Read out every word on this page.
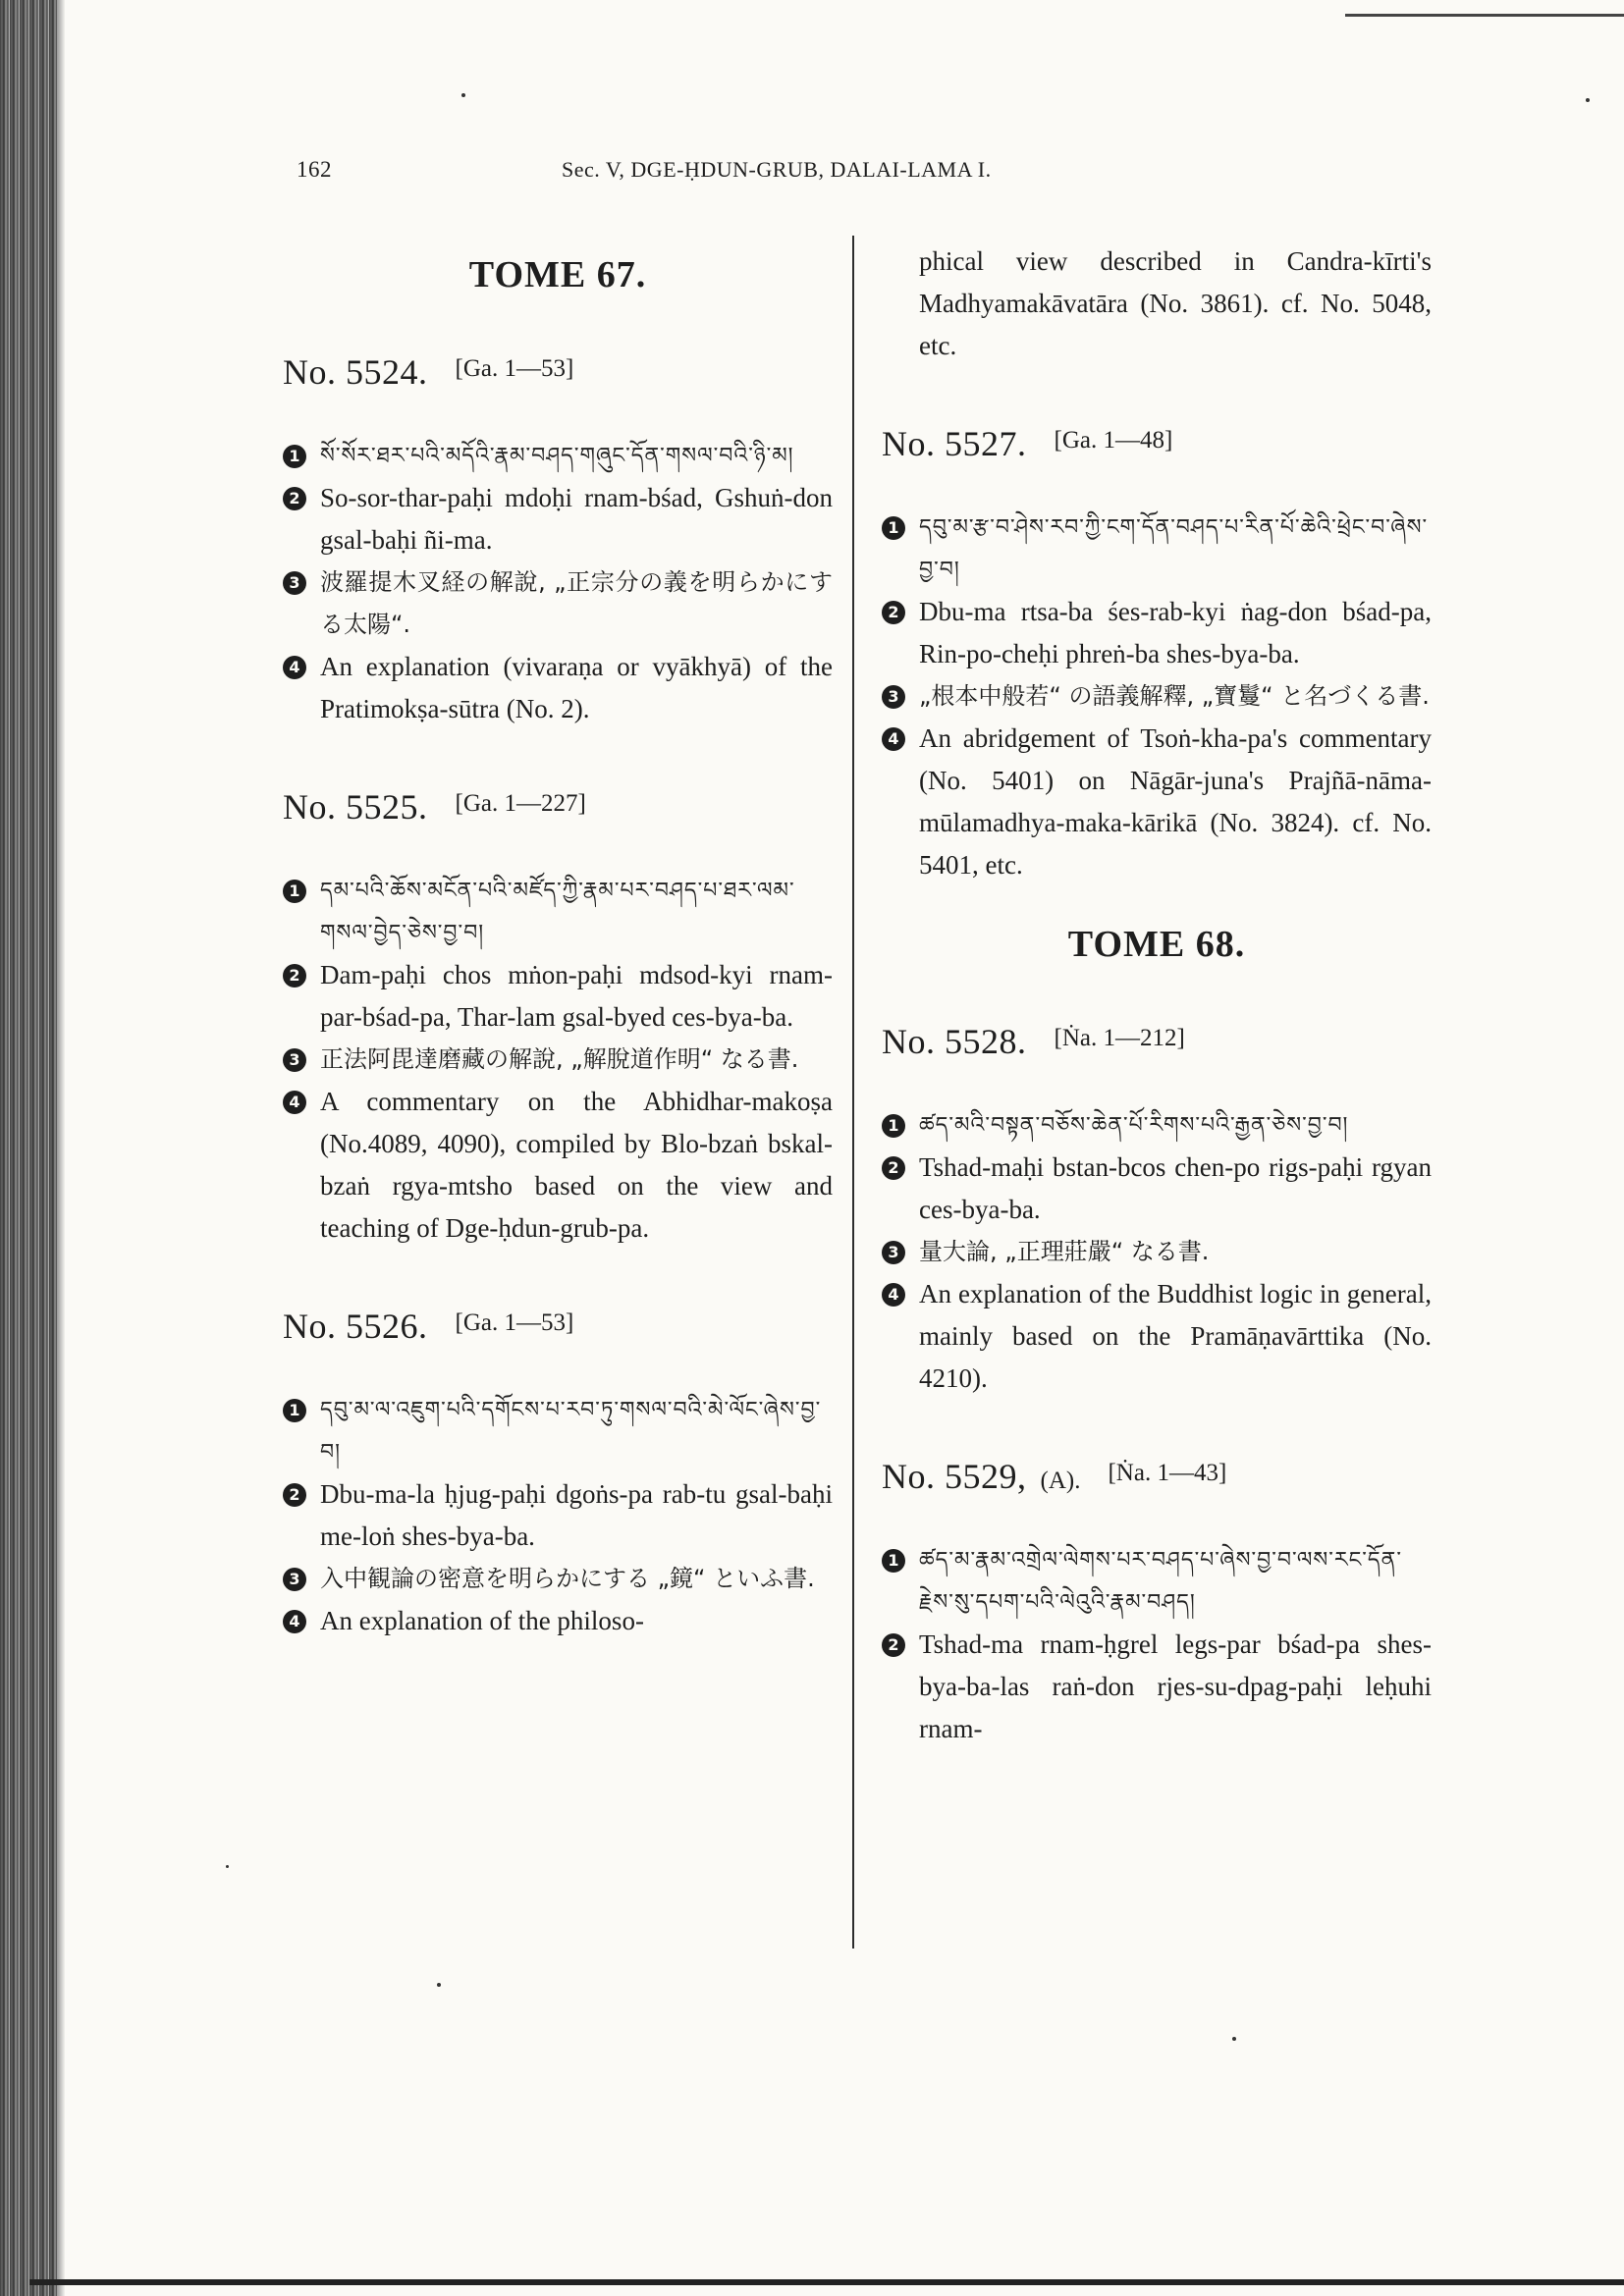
162	Sec. V, DGE-ḤDUN-GRUB, DALAI-LAMA I.
TOME 67.
No. 5524. [Ga. 1—53]
1 སོ་སོར་ཐར་པའི་མདོའི་རྣམ་བཤད་གཞུང་དོན་གསལ་བའི་ཉི་མ།
2 So-sor-thar-paḥi mdoḥi rnam-bśad, Gshuṅ-don gsal-baḥi ñi-ma.
3 波羅提木叉経の解說, „正宗分の義を明らかにする太陽“.
4 An explanation (vivaraṇa or vyākhyā) of the Pratimokṣa-sūtra (No. 2).
No. 5525. [Ga. 1—227]
1 དམ་པའི་ཆོས་མངོན་པའི་མཛོད་ཀྱི་རྣམ་པར་བཤད་པ་ཐར་ལམ་གསལ་བྱེད་ཅེས་བྱ་བ།
2 Dam-paḥi chos mṅon-paḥi mdsod-kyi rnam-par-bśad-pa, Thar-lam gsal-byed ces-bya-ba.
3 正法阿毘達磨藏の解說, „解脫道作明“ なる書.
4 A commentary on the Abhidhar-makoṣa (No.4089, 4090), compiled by Blo-bzaṅ bskal-bzaṅ rgya-mtsho based on the view and teaching of Dge-ḥdun-grub-pa.
No. 5526. [Ga. 1—53]
1 དབུ་མ་ལ་འཇུག་པའི་དགོངས་པ་རབ་ཏུ་གསལ་བའི་མེ་ལོང་ཞེས་བྱ་བ།
2 Dbu-ma-la ḥjug-paḥi dgoṅs-pa rab-tu gsal-baḥi me-loṅ shes-bya-ba.
3 入中観論の密意を明らかにする „鏡“ といふ書.
4 An explanation of the philoso-
phical view described in Candra-kīrti's Madhyamakāvatāra (No. 3861). cf. No. 5048, etc.
No. 5527. [Ga. 1—48]
1 དབུ་མ་རྩ་བ་ཤེས་རབ་ཀྱི་ངག་དོན་བཤད་པ་རིན་པོ་ཆེའི་ཕྲེང་བ་ཞེས་བྱ་བ།
2 Dbu-ma rtsa-ba śes-rab-kyi ṅag-don bśad-pa, Rin-po-cheḥi phreṅ-ba shes-bya-ba.
3 „根本中般若“ の語義解釋, „寶鬘“ と名づくる書.
4 An abridgement of Tsoṅ-kha-pa's commentary (No. 5401) on Nāgār-juna's Prajñā-nāma-mūlamadhya-maka-kārikā (No. 3824). cf. No. 5401, etc.
TOME 68.
No. 5528. [Ṅa. 1—212]
1 ཚད་མའི་བསྟན་བཅོས་ཆེན་པོ་རིགས་པའི་རྒྱན་ཅེས་བྱ་བ།
2 Tshad-maḥi bstan-bcos chen-po rigs-paḥi rgyan ces-bya-ba.
3 量大論, „正理莊嚴“ なる書.
4 An explanation of the Buddhist logic in general, mainly based on the Pramāṇavārttika (No. 4210).
No. 5529, (A). [Ṅa. 1—43]
1 ཚད་མ་རྣམ་འགྲེལ་ལེགས་པར་བཤད་པ་ཞེས་བྱ་བ་ལས་རང་དོན་རྗེས་སུ་དཔག་པའི་ལེའུའི་རྣམ་བཤད།
2 Tshad-ma rnam-ḥgrel legs-par bśad-pa shes-bya-ba-las raṅ-don rjes-su-dpag-paḥi leḥuhi rnam-
